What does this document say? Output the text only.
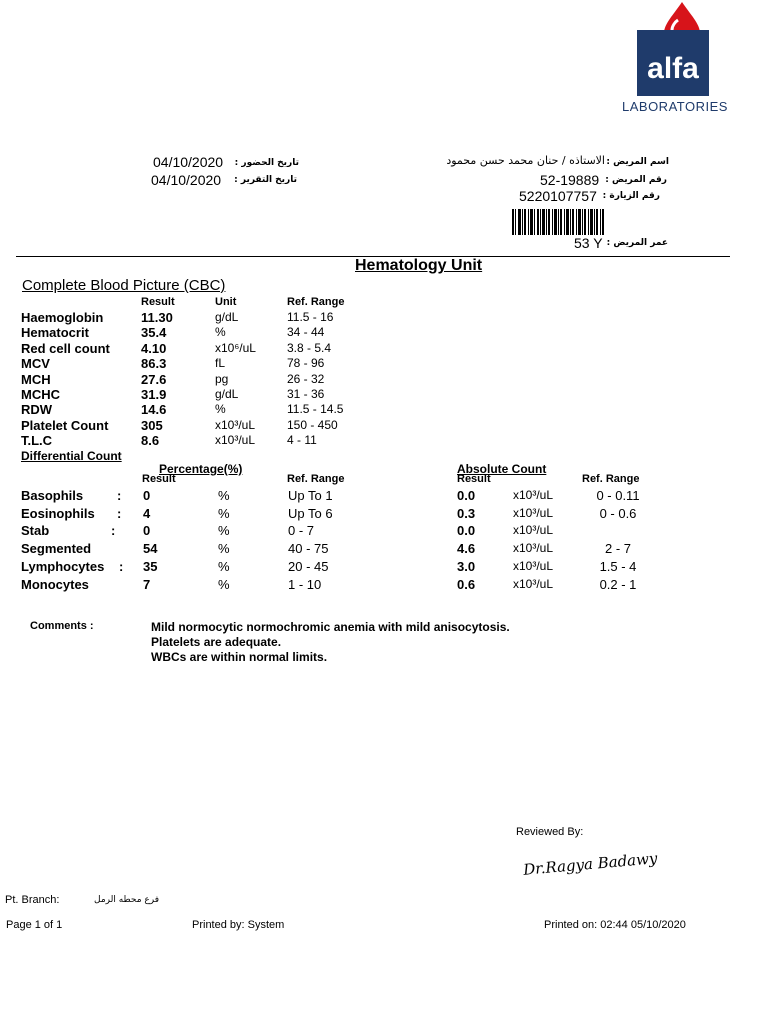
alfa
LABORATORIES
04/10/2020 تاريخ الحضور :
04/10/2020 تاريخ التقرير :
الاستاذه / حنان محمد حسن محمود اسم المريض :
52-19889 رقم المريض :
5220107757 رقم الزيارة :
53 Y عمر المريض :
Hematology Unit
Complete Blood Picture (CBC)
Result	Unit	Ref. Range
Haemoglobin	11.30	g/dL	11.5 - 16
Hematocrit	35.4	%	34 - 44
Red cell count 4.10	x10⁶/uL	3.8 - 5.4
MCV	86.3	fL	78 - 96
MCH	27.6	pg	26 - 32
MCHC	31.9	g/dL	31 - 36
RDW	14.6	%	11.5 - 14.5
Platelet Count	305	x10³/uL	150 - 450
T.L.C	8.6	x10³/uL	4 - 11
Differential Count
Percentage(%)	Absolute Count
Result	Ref. Range	Result	Ref. Range
Basophils	0	%	Up To 1	0.0	x10³/uL	0 - 0.11
:
Eosinophils	4	%	Up To 6	0.3	x10³/uL	0 - 0.6
:
Stab	0	%	0 - 7	0.0	x10³/uL
:
Segmented	54	%	40 - 75	4.6	x10³/uL	2 - 7
Lymphocytes	35	%	20 - 45	3.0	x10³/uL	1.5 - 4
:
Monocytes	7	%	1 - 10	0.6	x10³/uL	0.2 - 1
Comments :	Mild normocytic normochromic anemia with mild anisocytosis.
Platelets are adequate.
WBCs are within normal limits.
Reviewed By:
Dr.Ragya Badawy
Pt. Branch:	فرع محطه الرمل
Page 1 of 1	Printed by: System	Printed on: 02:44 05/10/2020
